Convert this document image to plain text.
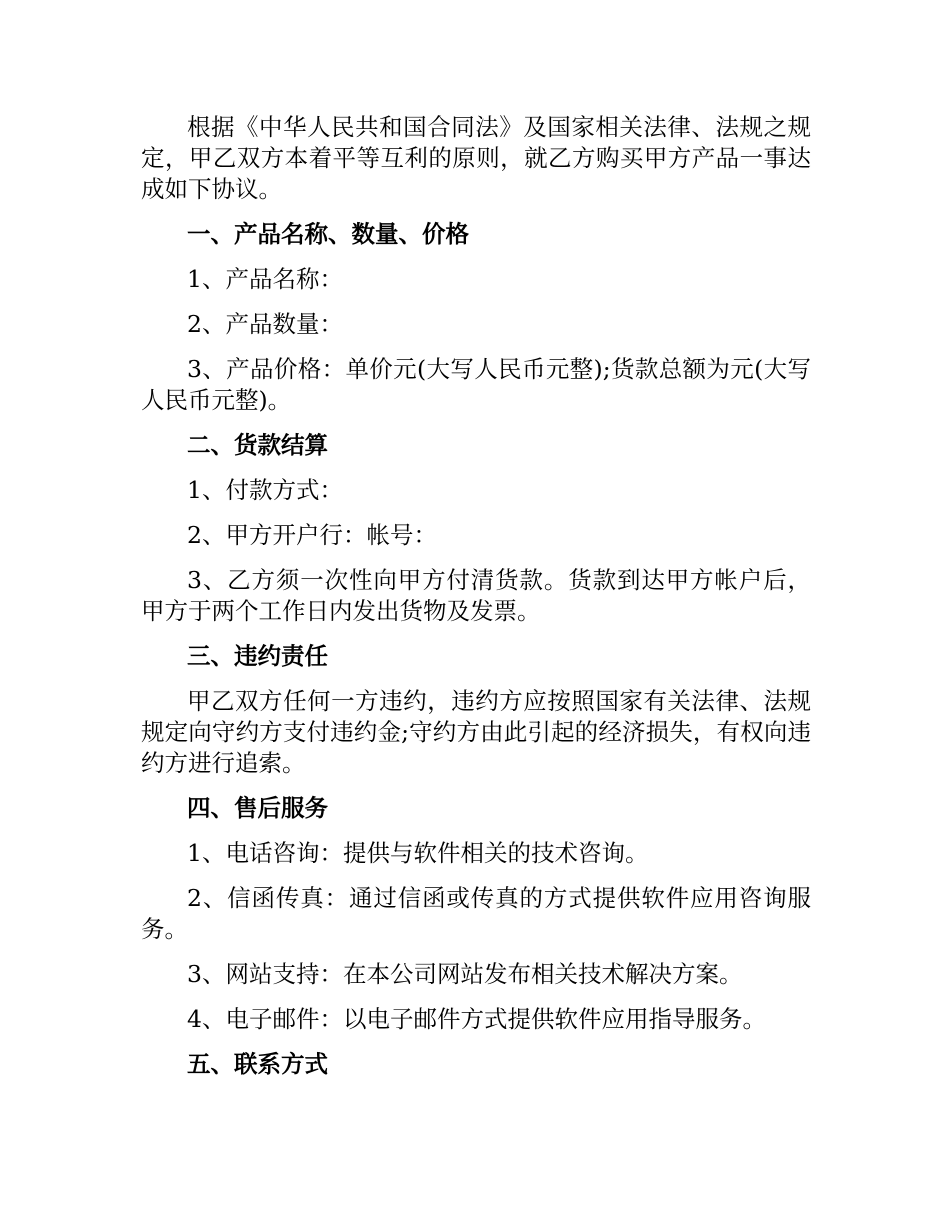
根据《中华人民共和国合同法》及国家相关法律、法规之规定，甲乙双方本着平等互利的原则，就乙方购买甲方产品一事达成如下协议。

一、产品名称、数量、价格

1、产品名称：

2、产品数量：

3、产品价格：单价元(大写人民币元整);货款总额为元(大写人民币元整)。

二、货款结算

1、付款方式：

2、甲方开户行：帐号：

3、乙方须一次性向甲方付清货款。货款到达甲方帐户后，甲方于两个工作日内发出货物及发票。

三、违约责任

甲乙双方任何一方违约，违约方应按照国家有关法律、法规规定向守约方支付违约金;守约方由此引起的经济损失，有权向违约方进行追索。

四、售后服务

1、电话咨询：提供与软件相关的技术咨询。

2、信函传真：通过信函或传真的方式提供软件应用咨询服务。

3、网站支持：在本公司网站发布相关技术解决方案。

4、电子邮件：以电子邮件方式提供软件应用指导服务。

五、联系方式
